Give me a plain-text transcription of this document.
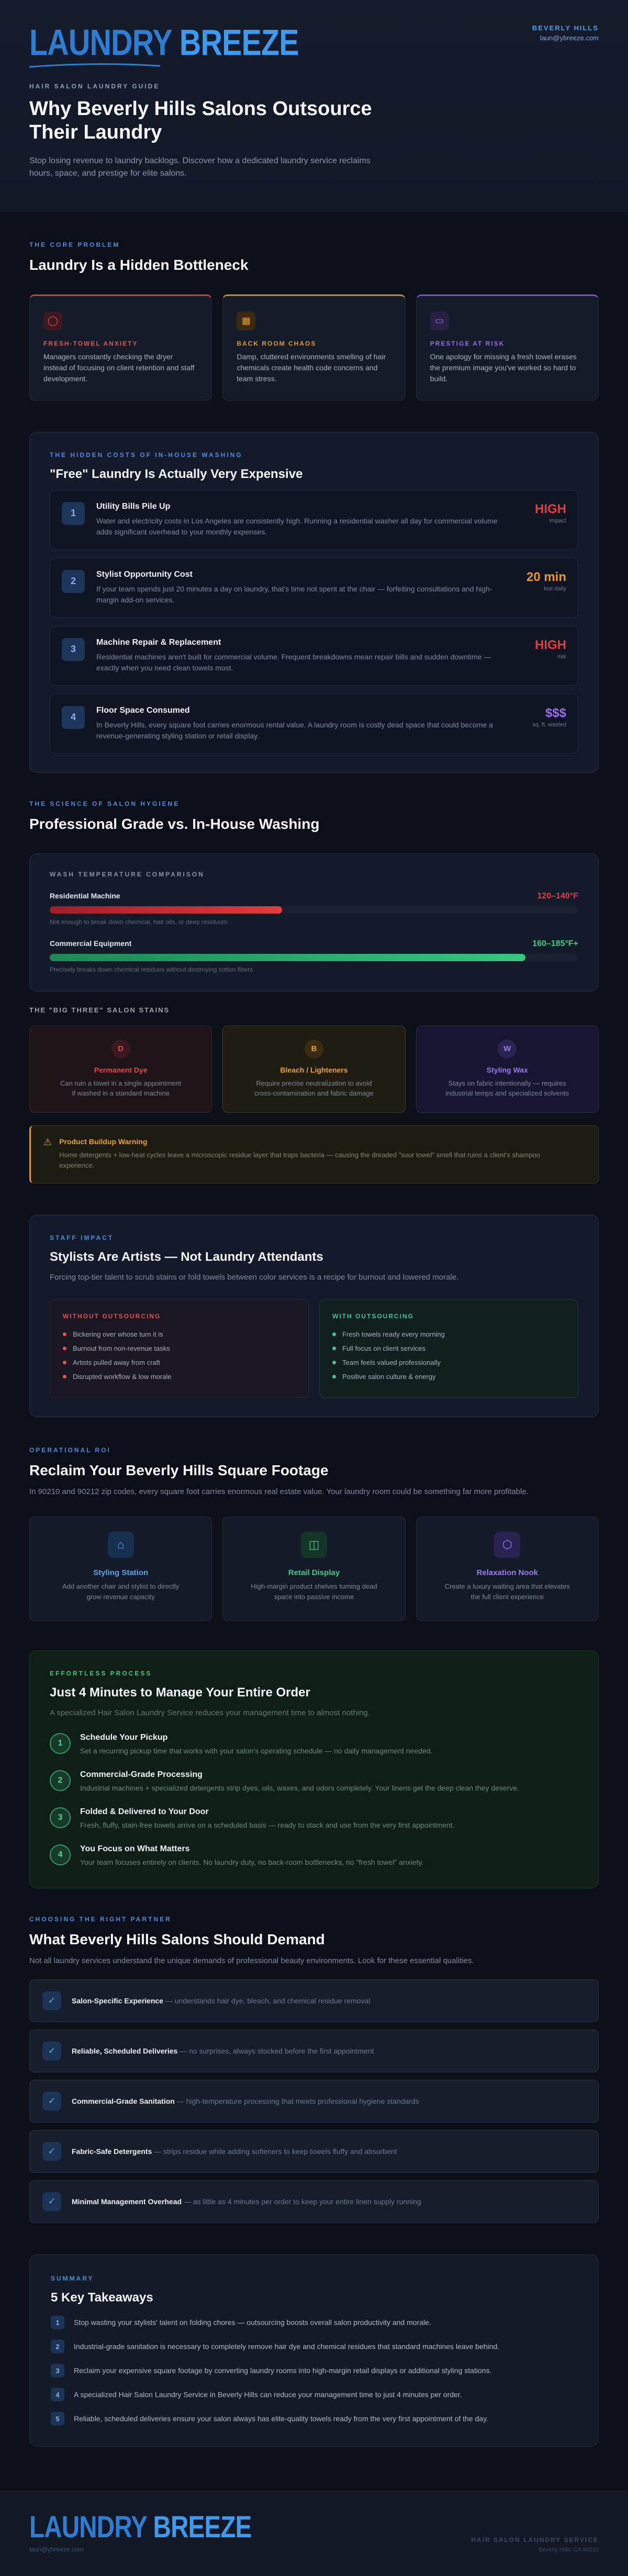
LAUNDRY BREEZE	BEVERLY HILLS
laun@ybreeze.com
HAIR SALON LAUNDRY GUIDE
Why Beverly Hills Salons Outsource Their Laundry

Stop losing revenue to laundry backlogs. Discover how a dedicated laundry service reclaims hours, space, and prestige for elite salons.

THE CORE PROBLEM
Laundry Is a Hidden Bottleneck
◯
FRESH-TOWEL ANXIETY
Managers constantly checking the dryer instead of focusing on client retention and staff development.
▦
BACK ROOM CHAOS
Damp, cluttered environments smelling of hair chemicals create health code concerns and team stress.
▭
PRESTIGE AT RISK
One apology for missing a fresh towel erases the premium image you've worked so hard to build.
THE HIDDEN COSTS OF IN-HOUSE WASHING
"Free" Laundry Is Actually Very Expensive
1
Utility Bills Pile Up
Water and electricity costs in Los Angeles are consistently high. Running a residential washer all day for commercial volume adds significant overhead to your monthly expenses.
HIGH
impact
2
Stylist Opportunity Cost
If your team spends just 20 minutes a day on laundry, that's time not spent at the chair — forfeiting consultations and high-margin add-on services.
20 min
lost daily
3
Machine Repair & Replacement
Residential machines aren't built for commercial volume. Frequent breakdowns mean repair bills and sudden downtime — exactly when you need clean towels most.
HIGH
risk
4
Floor Space Consumed
In Beverly Hills, every square foot carries enormous rental value. A laundry room is costly dead space that could become a revenue-generating styling station or retail display.
$$$
sq. ft. wasted
THE SCIENCE OF SALON HYGIENE
Professional Grade vs. In-House Washing
WASH TEMPERATURE COMPARISON
Residential Machine	120–140°F
Not enough to break down chemical, hair oils, or deep residuum
Commercial Equipment	160–185°F+
Precisely breaks down chemical residues without destroying cotton fibers
THE "BIG THREE" SALON STAINS
D
Permanent Dye
Can ruin a towel in a single appointment if washed in a standard machine
B
Bleach / Lighteners
Require precise neutralization to avoid cross-contamination and fabric damage
W
Styling Wax
Stays on fabric intentionally — requires industrial temps and specialized solvents
⚠ Product Buildup Warning
Home detergents + low-heat cycles leave a microscopic residue layer that traps bacteria — causing the dreaded "sour towel" smell that ruins a client's shampoo experience.
STAFF IMPACT
Stylists Are Artists — Not Laundry Attendants

Forcing top-tier talent to scrub stains or fold towels between color services is a recipe for burnout and lowered morale.

WITHOUT OUTSOURCING
Bickering over whose turn it is
Burnout from non-revenue tasks
Artists pulled away from craft
Disrupted workflow & low morale
WITH OUTSOURCING
Fresh towels ready every morning
Full focus on client services
Team feels valued professionally
Positive salon culture & energy
OPERATIONAL ROI
Reclaim Your Beverly Hills Square Footage

In 90210 and 90212 zip codes, every square foot carries enormous real estate value. Your laundry room could be something far more profitable.

⌂
Styling Station
Add another chair and stylist to directly grow revenue capacity
◫
Retail Display
High-margin product shelves turning dead space into passive income
⬡
Relaxation Nook
Create a luxury waiting area that elevates the full client experience
EFFORTLESS PROCESS
Just 4 Minutes to Manage Your Entire Order

A specialized Hair Salon Laundry Service reduces your management time to almost nothing.

1
Schedule Your Pickup
Set a recurring pickup time that works with your salon's operating schedule — no daily management needed.
2
Commercial-Grade Processing
Industrial machines + specialized detergents strip dyes, oils, waxes, and odors completely. Your linens get the deep clean they deserve.
3
Folded & Delivered to Your Door
Fresh, fluffy, stain-free towels arrive on a scheduled basis — ready to stack and use from the very first appointment.
4
You Focus on What Matters
Your team focuses entirely on clients. No laundry duty, no back-room bottlenecks, no "fresh towel" anxiety.
CHOOSING THE RIGHT PARTNER
What Beverly Hills Salons Should Demand

Not all laundry services understand the unique demands of professional beauty environments. Look for these essential qualities.

✓	Salon-Specific Experience — understands hair dye, bleach, and chemical residue removal
✓	Reliable, Scheduled Deliveries — no surprises, always stocked before the first appointment
✓	Commercial-Grade Sanitation — high-temperature processing that meets professional hygiene standards
✓	Fabric-Safe Detergents — strips residue while adding softeners to keep towels fluffy and absorbent
✓	Minimal Management Overhead — as little as 4 minutes per order to keep your entire linen supply running
SUMMARY
5 Key Takeaways
1	Stop wasting your stylists' talent on folding chores — outsourcing boosts overall salon productivity and morale.
2	Industrial-grade sanitation is necessary to completely remove hair dye and chemical residues that standard machines leave behind.
3	Reclaim your expensive square footage by converting laundry rooms into high-margin retail displays or additional styling stations.
4	A specialized Hair Salon Laundry Service in Beverly Hills can reduce your management time to just 4 minutes per order.
5	Reliable, scheduled deliveries ensure your salon always has elite-quality towels ready from the very first appointment of the day.
LAUNDRY BREEZE
laun@ybreeze.com
HAIR SALON LAUNDRY SERVICE
Beverly Hills, CA 90210
